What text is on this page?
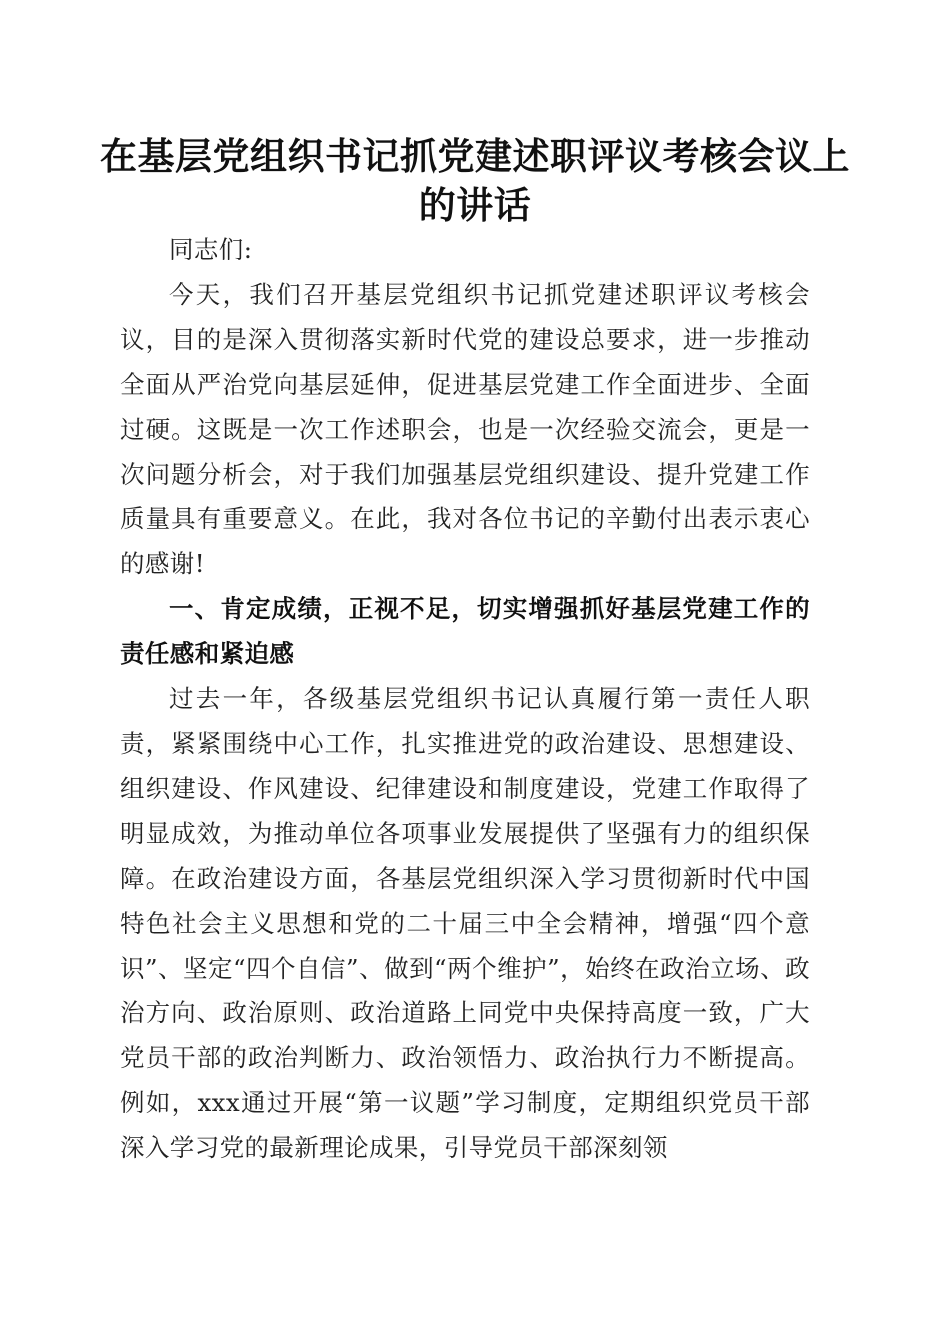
在基层党组织书记抓党建述职评议考核会议上的讲话

同志们:

今天，我们召开基层党组织书记抓党建述职评议考核会议，目的是深入贯彻落实新时代党的建设总要求，进一步推动全面从严治党向基层延伸，促进基层党建工作全面进步、全面过硬。这既是一次工作述职会，也是一次经验交流会，更是一次问题分析会，对于我们加强基层党组织建设、提升党建工作质量具有重要意义。在此，我对各位书记的辛勤付出表示衷心的感谢!

一、肯定成绩，正视不足，切实增强抓好基层党建工作的责任感和紧迫感

过去一年，各级基层党组织书记认真履行第一责任人职责，紧紧围绕中心工作，扎实推进党的政治建设、思想建设、组织建设、作风建设、纪律建设和制度建设，党建工作取得了明显成效，为推动单位各项事业发展提供了坚强有力的组织保障。在政治建设方面，各基层党组织深入学习贯彻新时代中国特色社会主义思想和党的二十届三中全会精神，增强“四个意识”、坚定“四个自信”、做到“两个维护”，始终在政治立场、政治方向、政治原则、政治道路上同党中央保持高度一致，广大党员干部的政治判断力、政治领悟力、政治执行力不断提高。例如，xxx通过开展“第一议题”学习制度，定期组织党员干部深入学习党的最新理论成果，引导党员干部深刻领
